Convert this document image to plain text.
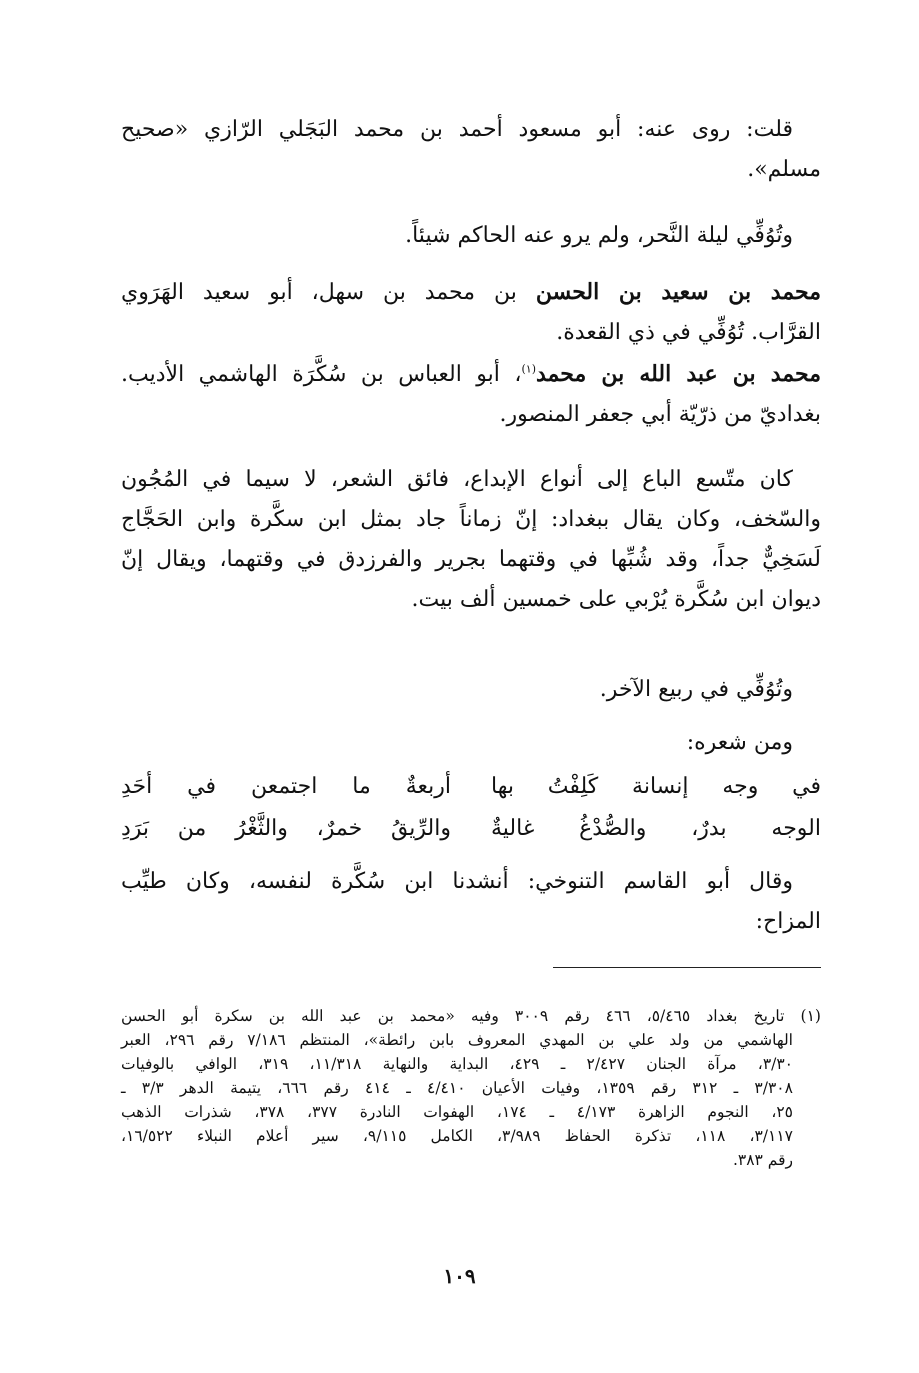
قلت: روى عنه: أبو مسعود أحمد بن محمد البَجَلي الرّازي «صحيح
مسلم».
وتُوُفِّي ليلة النَّحر، ولم يرو عنه الحاكم شيئاً.
محمد بن سعيد بن الحسن بن محمد بن سهل، أبو سعيد الهَرَوي
القرَّاب. تُوُفِّي في ذي القعدة.
محمد بن عبد الله بن محمد$^{(١)}$، أبو العباس بن سُكَّرَة الهاشمي الأديب.
بغداديّ من ذرّيّة أبي جعفر المنصور.
كان متّسع الباع إلى أنواع الإبداع، فائق الشعر، لا سيما في المُجُون
والسّخف، وكان يقال ببغداد: إنّ زماناً جاد بمثل ابن سكَّرة وابن الحَجَّاج
لَسَخِيٌّ جداً، وقد شُبِّها في وقتهما بجرير والفرزدق في وقتهما، ويقال إنّ
ديوان ابن سُكَّرة يُرْبي على خمسين ألف بيت.
وتُوُفِّي في ربيع الآخر.
ومن شعره:
في وجه إنسانة كَلِفْتُ بها
أربعةٌ ما اجتمعن في أحَدِ
الوجه بدرٌ، والصُّدْغُ غاليةٌ
والرِّيقُ خمرٌ، والثَّغْرُ من بَرَدِ
وقال أبو القاسم التنوخي: أنشدنا ابن سُكَّرة لنفسه، وكان طيِّب
المزاح:
(١) تاريخ بغداد ٥/٤٦٥، ٤٦٦ رقم ٣٠٠٩ وفيه «محمد بن عبد الله بن سكرة أبو الحسن
الهاشمي من ولد علي بن المهدي المعروف بابن رائطة»، المنتظم ٧/١٨٦ رقم ٢٩٦، العبر
٣/٣٠، مرآة الجنان ٢/٤٢٧ ـ ٤٢٩، البداية والنهاية ١١/٣١٨، ٣١٩، الوافي بالوفيات
٣/٣٠٨ ـ ٣١٢ رقم ١٣٥٩، وفيات الأعيان ٤/٤١٠ ـ ٤١٤ رقم ٦٦٦، يتيمة الدهر ٣/٣ ـ
٢٥، النجوم الزاهرة ٤/١٧٣ ـ ١٧٤، الهفوات النادرة ٣٧٧، ٣٧٨، شذرات الذهب
٣/١١٧، ١١٨، تذكرة الحفاظ ٣/٩٨٩، الكامل ٩/١١٥، سير أعلام النبلاء ١٦/٥٢٢،
رقم ٣٨٣.
١٠٩
